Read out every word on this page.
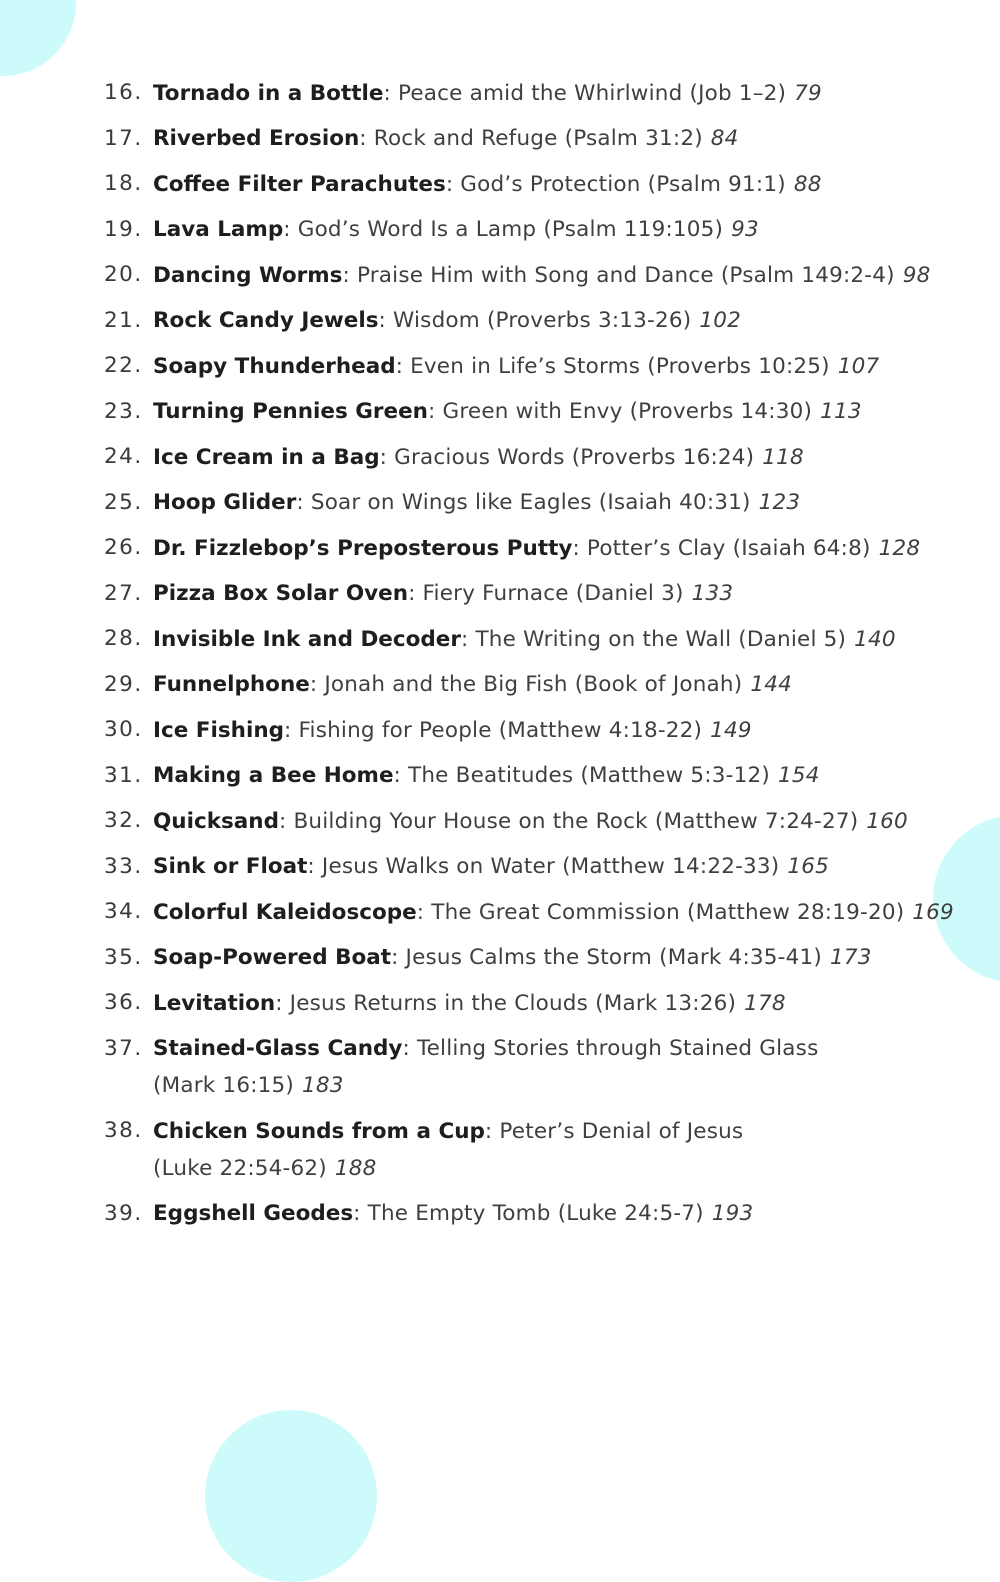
16. Tornado in a Bottle: Peace amid the Whirlwind (Job 1–2) 79
17. Riverbed Erosion: Rock and Refuge (Psalm 31:2) 84
18. Coffee Filter Parachutes: God’s Protection (Psalm 91:1) 88
19. Lava Lamp: God’s Word Is a Lamp (Psalm 119:105) 93
20. Dancing Worms: Praise Him with Song and Dance (Psalm 149:2-4) 98
21. Rock Candy Jewels: Wisdom (Proverbs 3:13-26) 102
22. Soapy Thunderhead: Even in Life’s Storms (Proverbs 10:25) 107
23. Turning Pennies Green: Green with Envy (Proverbs 14:30) 113
24. Ice Cream in a Bag: Gracious Words (Proverbs 16:24) 118
25. Hoop Glider: Soar on Wings like Eagles (Isaiah 40:31) 123
26. Dr. Fizzlebop’s Preposterous Putty: Potter’s Clay (Isaiah 64:8) 128
27. Pizza Box Solar Oven: Fiery Furnace (Daniel 3) 133
28. Invisible Ink and Decoder: The Writing on the Wall (Daniel 5) 140
29. Funnelphone: Jonah and the Big Fish (Book of Jonah) 144
30. Ice Fishing: Fishing for People (Matthew 4:18-22) 149
31. Making a Bee Home: The Beatitudes (Matthew 5:3-12) 154
32. Quicksand: Building Your House on the Rock (Matthew 7:24-27) 160
33. Sink or Float: Jesus Walks on Water (Matthew 14:22-33) 165
34. Colorful Kaleidoscope: The Great Commission (Matthew 28:19-20) 169
35. Soap-Powered Boat: Jesus Calms the Storm (Mark 4:35-41) 173
36. Levitation: Jesus Returns in the Clouds (Mark 13:26) 178
37. Stained-Glass Candy: Telling Stories through Stained Glass (Mark 16:15) 183
38. Chicken Sounds from a Cup: Peter’s Denial of Jesus (Luke 22:54-62) 188
39. Eggshell Geodes: The Empty Tomb (Luke 24:5-7) 193
